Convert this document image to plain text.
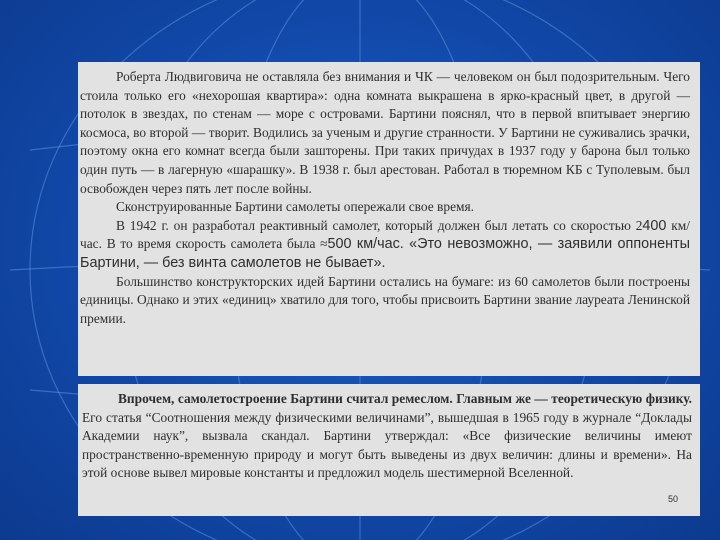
Роберта Людвиговича не оставляла без внимания и ЧК — человеком он был подозрительным. Чего стоила только его «нехорошая квартира»: одна комната выкрашена в ярко-красный цвет, в другой — потолок в звездах, по стенам — море с островами. Бартини пояснял, что в первой впитывает энергию космоса, во второй — творит. Водились за ученым и другие странности. У Бартини не суживались зрачки, поэтому окна его комнат всегда были зашторены. При таких причудах в 1937 году у барона был только один путь — в лагерную «шарашку». В 1938 г. был арестован. Работал в тюремном КБ с Туполевым. был освобожден через пять лет после войны.

Сконструированные Бартини самолеты опережали свое время.

В 1942 г. он разработал реактивный самолет, который должен был летать со скоростью 2400 км/час. В то время скорость самолета была ≈500 км/час. «Это невозможно, — заявили оппоненты Бартини, — без винта самолетов не бывает».

Большинство конструкторских идей Бартини остались на бумаге: из 60 самолетов были построены единицы. Однако и этих «единиц» хватило для того, чтобы присвоить Бартини звание лауреата Ленинской премии.

Впрочем, самолетостроение Бартини считал ремеслом. Главным же — теоретическую физику. Его статья “Соотношения между физическими величинами”, вышедшая в 1965 году в журнале “Доклады Академии наук”, вызвала скандал. Бартини утверждал: «Все физические величины имеют пространственно-временную природу и могут быть выведены из двух величин: длины и времени». На этой основе вывел мировые константы и предложил модель шестимерной Вселенной.

50
